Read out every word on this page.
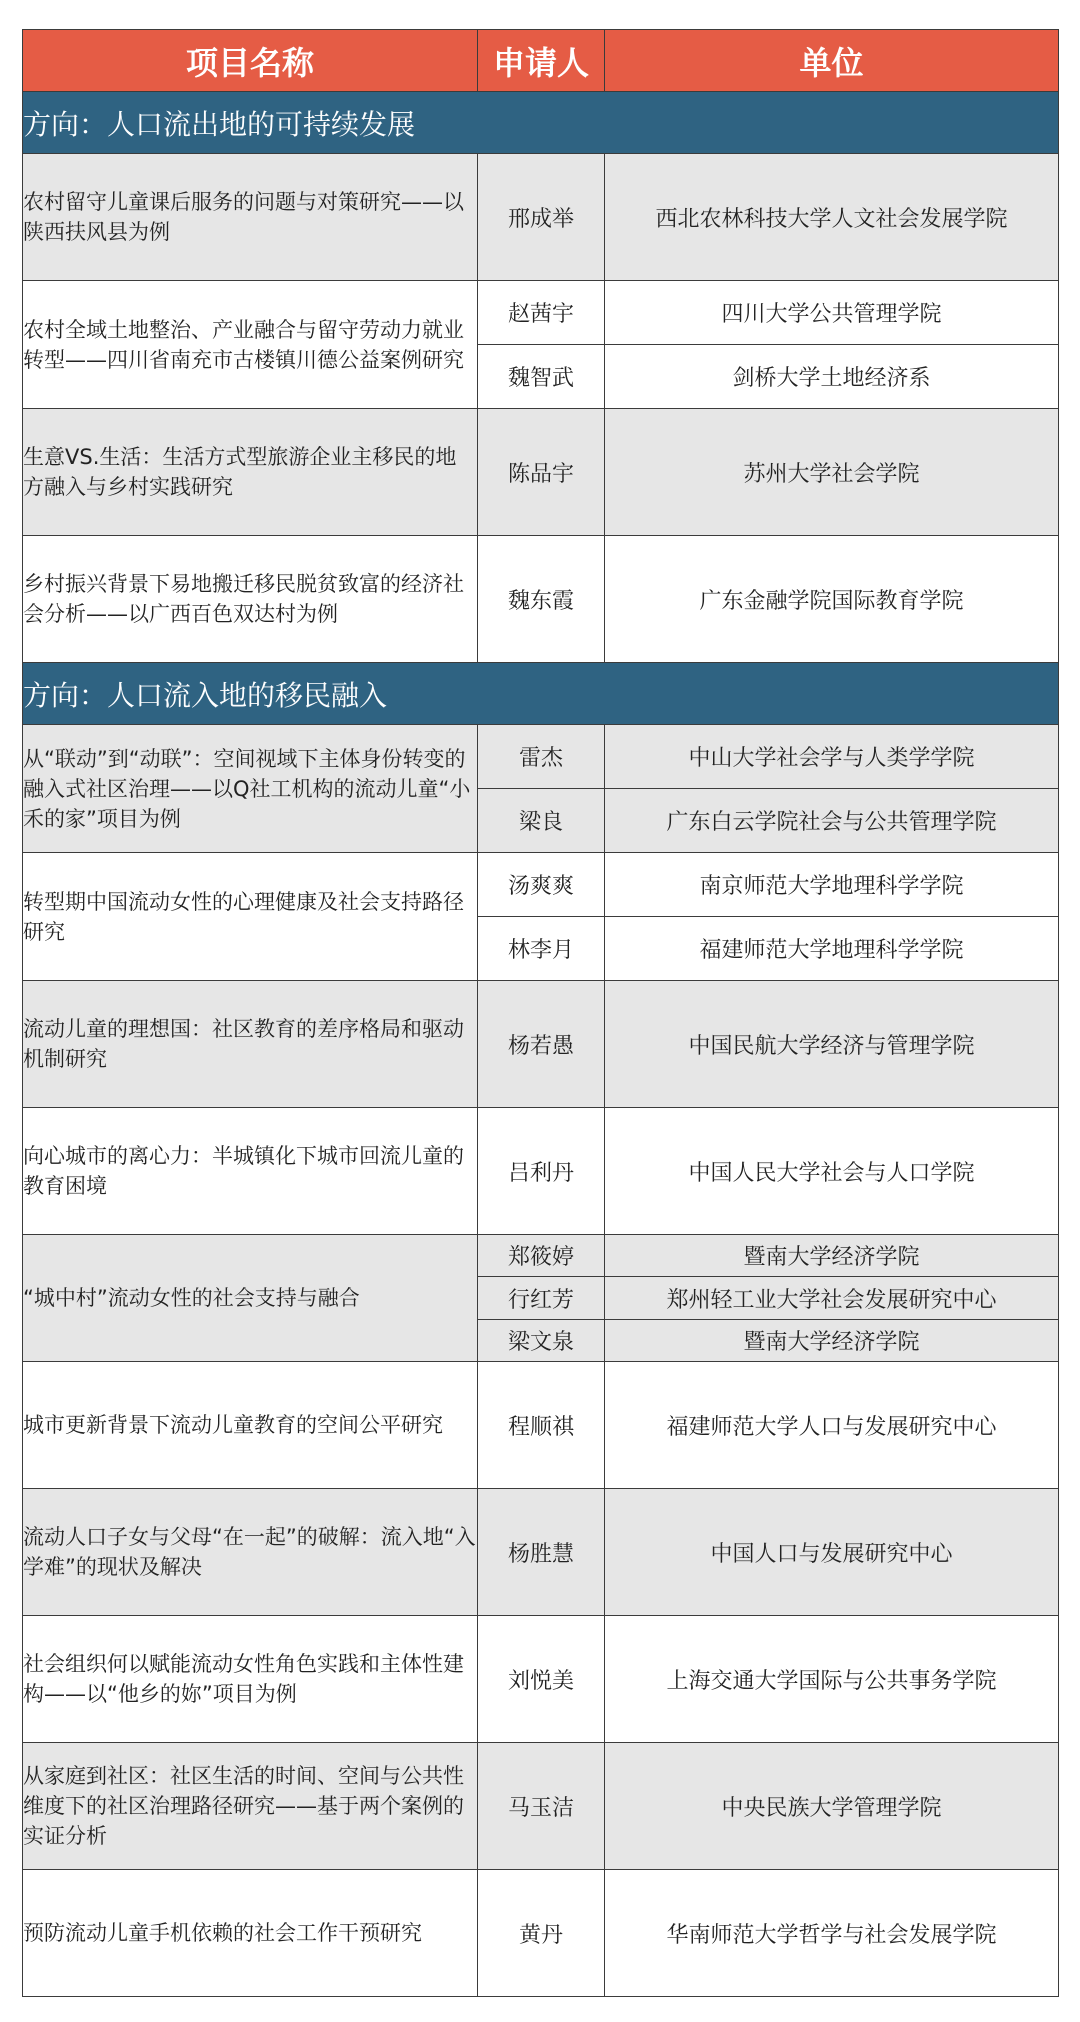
项目名称	申请人	单位
方向：人口流出地的可持续发展		
农村留守儿童课后服务的问题与对策研究——以陕西扶风县为例	邢成举	西北农林科技大学人文社会发展学院
农村全域土地整治、产业融合与留守劳动力就业转型——四川省南充市古楼镇川德公益案例研究	赵茜宇	四川大学公共管理学院
	魏智武	剑桥大学土地经济系
生意VS.生活：生活方式型旅游企业主移民的地方融入与乡村实践研究	陈品宇	苏州大学社会学院
乡村振兴背景下易地搬迁移民脱贫致富的经济社会分析——以广西百色双达村为例	魏东霞	广东金融学院国际教育学院
方向：人口流入地的移民融入		
从“联动”到“动联”：空间视域下主体身份转变的融入式社区治理——以Q社工机构的流动儿童“小禾的家”项目为例	雷杰	中山大学社会学与人类学学院
	梁良	广东白云学院社会与公共管理学院
转型期中国流动女性的心理健康及社会支持路径研究	汤爽爽	南京师范大学地理科学学院
	林李月	福建师范大学地理科学学院
流动儿童的理想国：社区教育的差序格局和驱动机制研究	杨若愚	中国民航大学经济与管理学院
向心城市的离心力：半城镇化下城市回流儿童的教育困境	吕利丹	中国人民大学社会与人口学院
“城中村”流动女性的社会支持与融合	郑筱婷	暨南大学经济学院
	行红芳	郑州轻工业大学社会发展研究中心
	梁文泉	暨南大学经济学院
城市更新背景下流动儿童教育的空间公平研究	程顺祺	福建师范大学人口与发展研究中心
流动人口子女与父母“在一起”的破解：流入地“入学难”的现状及解决	杨胜慧	中国人口与发展研究中心
社会组织何以赋能流动女性角色实践和主体性建构——以“他乡的妳”项目为例	刘悦美	上海交通大学国际与公共事务学院
从家庭到社区：社区生活的时间、空间与公共性维度下的社区治理路径研究——基于两个案例的实证分析	马玉洁	中央民族大学管理学院
预防流动儿童手机依赖的社会工作干预研究	黄丹	华南师范大学哲学与社会发展学院
